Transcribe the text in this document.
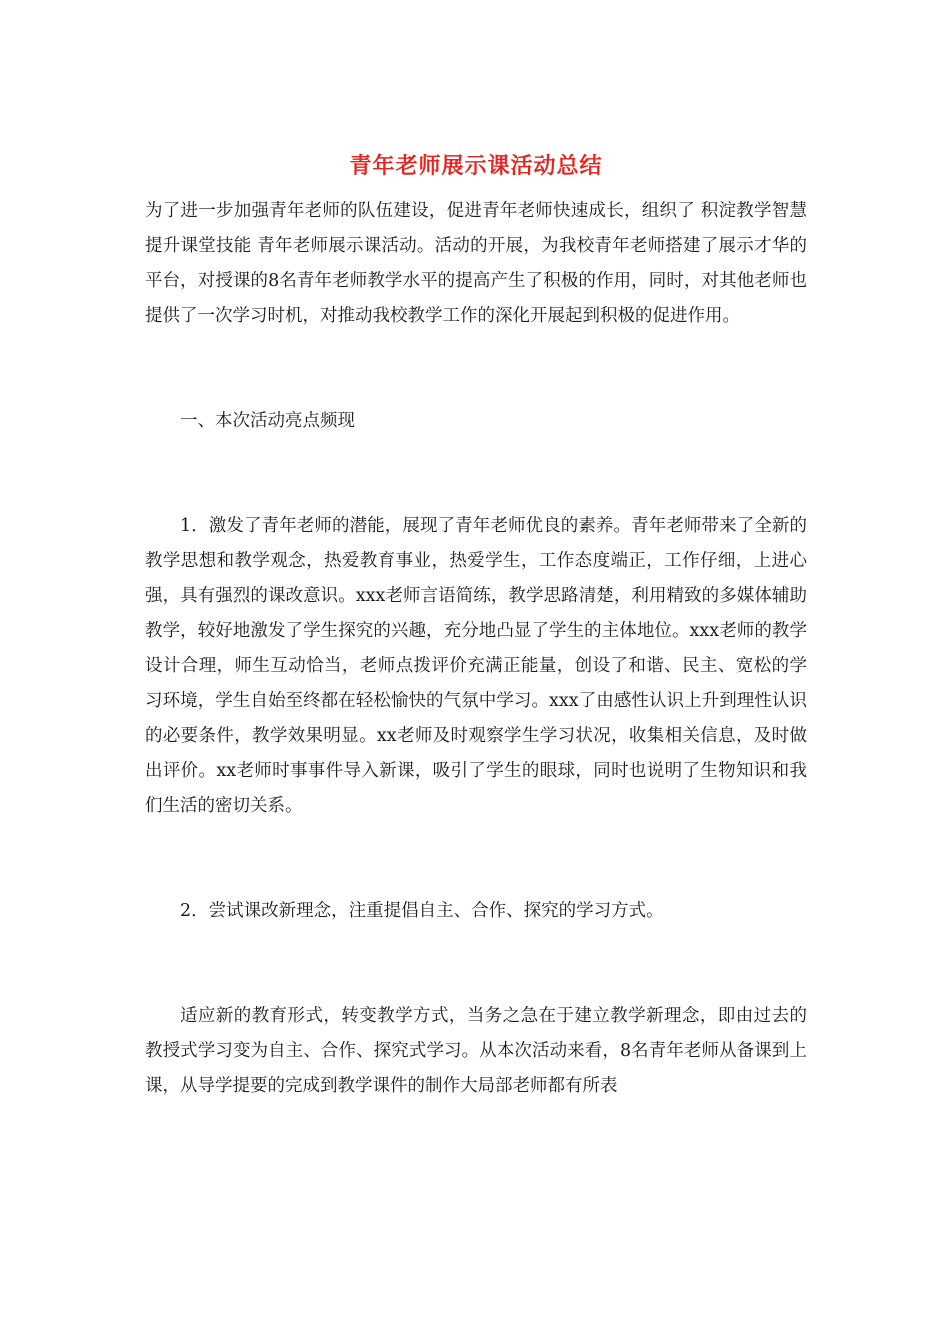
青年老师展示课活动总结

为了进一步加强青年老师的队伍建设，促进青年老师快速成长，组织了 积淀教学智慧 提升课堂技能 青年老师展示课活动。活动的开展，为我校青年老师搭建了展示才华的平台，对授课的8名青年老师教学水平的提高产生了积极的作用，同时，对其他老师也提供了一次学习时机，对推动我校教学工作的深化开展起到积极的促进作用。

一、本次活动亮点频现

1．激发了青年老师的潜能，展现了青年老师优良的素养。青年老师带来了全新的教学思想和教学观念，热爱教育事业，热爱学生，工作态度端正，工作仔细，上进心强，具有强烈的课改意识。xxx老师言语简练，教学思路清楚，利用精致的多媒体辅助教学，较好地激发了学生探究的兴趣，充分地凸显了学生的主体地位。xxx老师的教学设计合理，师生互动恰当，老师点拨评价充满正能量，创设了和谐、民主、宽松的学习环境，学生自始至终都在轻松愉快的气氛中学习。xxx了由感性认识上升到理性认识的必要条件，教学效果明显。xx老师及时观察学生学习状况，收集相关信息，及时做出评价。xx老师时事事件导入新课，吸引了学生的眼球，同时也说明了生物知识和我们生活的密切关系。

2．尝试课改新理念，注重提倡自主、合作、探究的学习方式。

适应新的教育形式，转变教学方式，当务之急在于建立教学新理念，即由过去的教授式学习变为自主、合作、探究式学习。从本次活动来看，8名青年老师从备课到上课，从导学提要的完成到教学课件的制作大局部老师都有所表
